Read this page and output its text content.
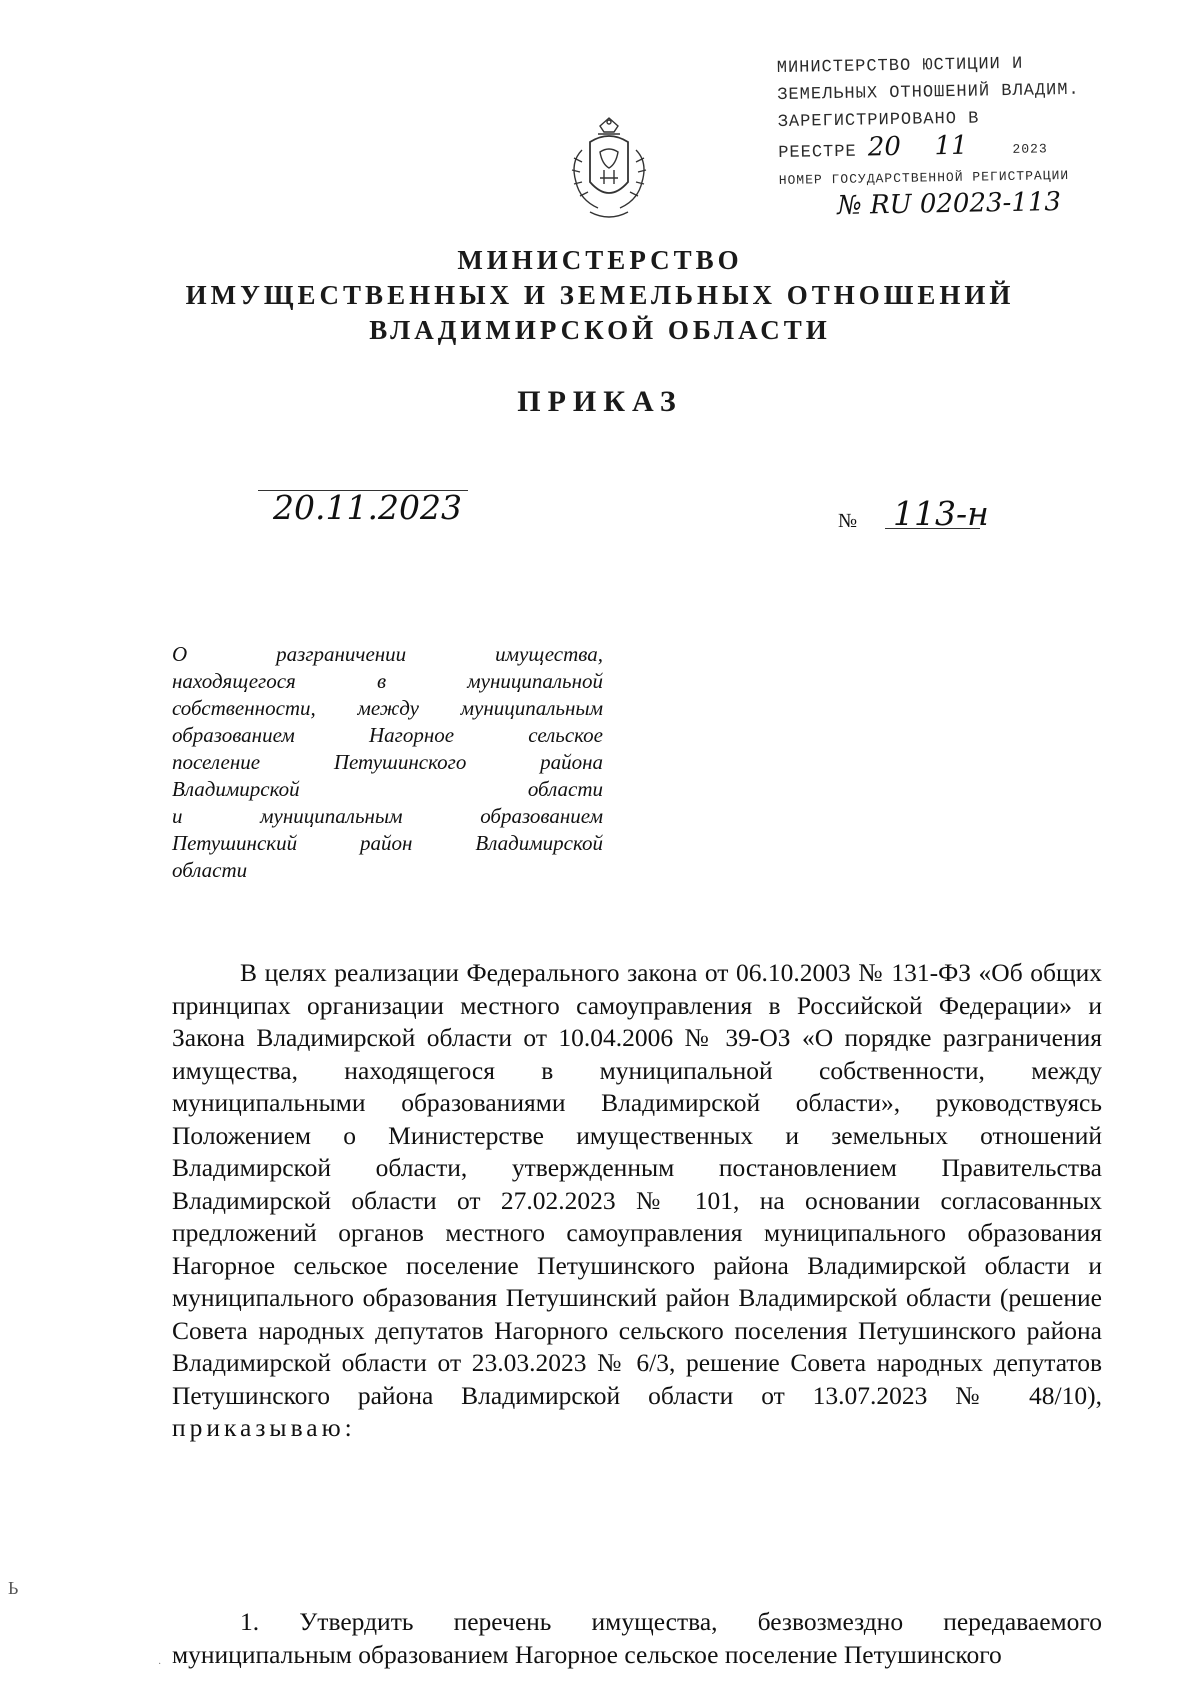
МИНИСТЕРСТВО ЮСТИЦИИ И
ЗЕМЕЛЬНЫХ ОТНОШЕНИЙ ВЛАДИМ.
ЗАРЕГИСТРИРОВАНО В
РЕЕСТРЕ 20 11	2023
НОМЕР ГОСУДАРСТВЕННОЙ РЕГИСТРАЦИИ
№ RU 02023-113
МИНИСТЕРСТВО
ИМУЩЕСТВЕННЫХ И ЗЕМЕЛЬНЫХ ОТНОШЕНИЙ
ВЛАДИМИРСКОЙ ОБЛАСТИ
ПРИКАЗ
20.11.2023	№ 113-н
О разграничении имущества,
находящегося в муниципальной
собственности, между муниципальным
образованием Нагорное сельское
поселение Петушинского района
Владимирской области
и муниципальным образованием
Петушинский район Владимирской
области
В целях реализации Федерального закона от 06.10.2003 № 131-ФЗ «Об общих принципах организации местного самоуправления в Российской Федерации» и Закона Владимирской области от 10.04.2006 № 39-ОЗ «О порядке разграничения имущества, находящегося в муниципальной собственности, между муниципальными образованиями Владимирской области», руководствуясь Положением о Министерстве имущественных и земельных отношений Владимирской области, утвержденным постановлением Правительства Владимирской области от 27.02.2023 № 101, на основании согласованных предложений органов местного самоуправления муниципального образования Нагорное сельское поселение Петушинского района Владимирской области и муниципального образования Петушинский район Владимирской области (решение Совета народных депутатов Нагорного сельского поселения Петушинского района Владимирской области от 23.03.2023 № 6/3, решение Совета народных депутатов Петушинского района Владимирской области от 13.07.2023 № 48/10), приказываю:
1. Утвердить перечень имущества, безвозмездно передаваемого муниципальным образованием Нагорное сельское поселение Петушинского
Ь
·
